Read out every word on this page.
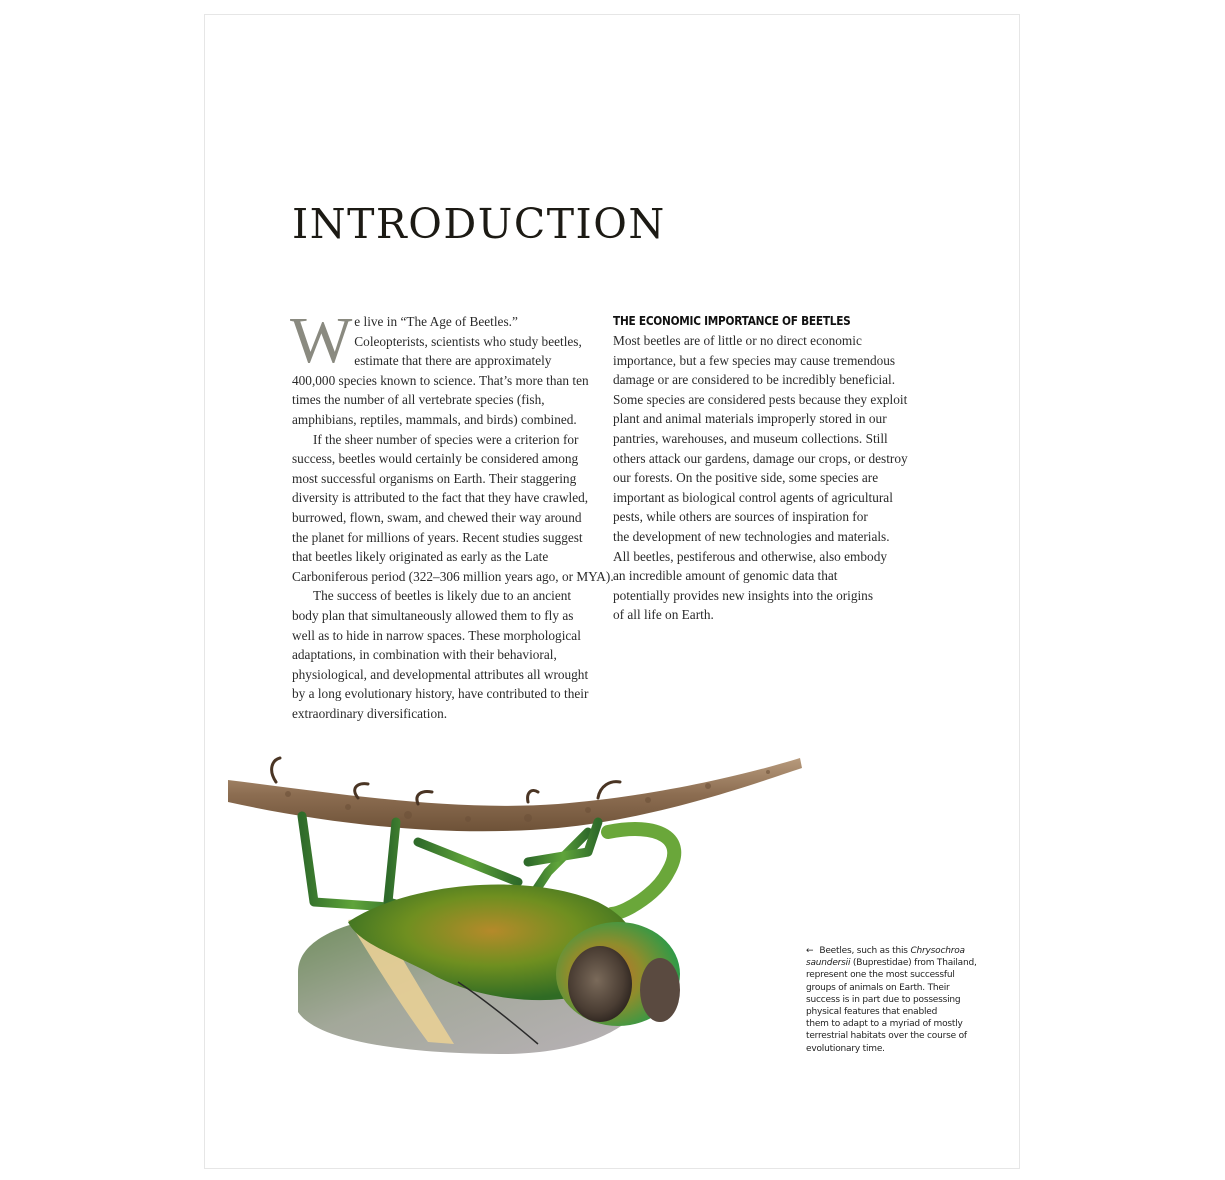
INTRODUCTION

W e live in “The Age of Beetles.”
Coleopterists, scientists who study beetles,
estimate that there are approximately
400,000 species known to science. That’s more than ten
times the number of all vertebrate species (fish,
amphibians, reptiles, mammals, and birds) combined.

If the sheer number of species were a criterion for
success, beetles would certainly be considered among
most successful organisms on Earth. Their staggering
diversity is attributed to the fact that they have crawled,
burrowed, flown, swam, and chewed their way around
the planet for millions of years. Recent studies suggest
that beetles likely originated as early as the Late
Carboniferous period (322–306 million years ago, or MYA).

The success of beetles is likely due to an ancient
body plan that simultaneously allowed them to fly as
well as to hide in narrow spaces. These morphological
adaptations, in combination with their behavioral,
physiological, and developmental attributes all wrought
by a long evolutionary history, have contributed to their
extraordinary diversification.

THE ECONOMIC IMPORTANCE OF BEETLES

Most beetles are of little or no direct economic
importance, but a few species may cause tremendous
damage or are considered to be incredibly beneficial.
Some species are considered pests because they exploit
plant and animal materials improperly stored in our
pantries, warehouses, and museum collections. Still
others attack our gardens, damage our crops, or destroy
our forests. On the positive side, some species are
important as biological control agents of agricultural
pests, while others are sources of inspiration for
the development of new technologies and materials.
All beetles, pestiferous and otherwise, also embody
an incredible amount of genomic data that
potentially provides new insights into the origins
of all life on Earth.

← Beetles, such as this Chrysochroa
saundersii (Buprestidae) from Thailand,
represent one the most successful
groups of animals on Earth. Their
success is in part due to possessing
physical features that enabled
them to adapt to a myriad of mostly
terrestrial habitats over the course of
evolutionary time.
